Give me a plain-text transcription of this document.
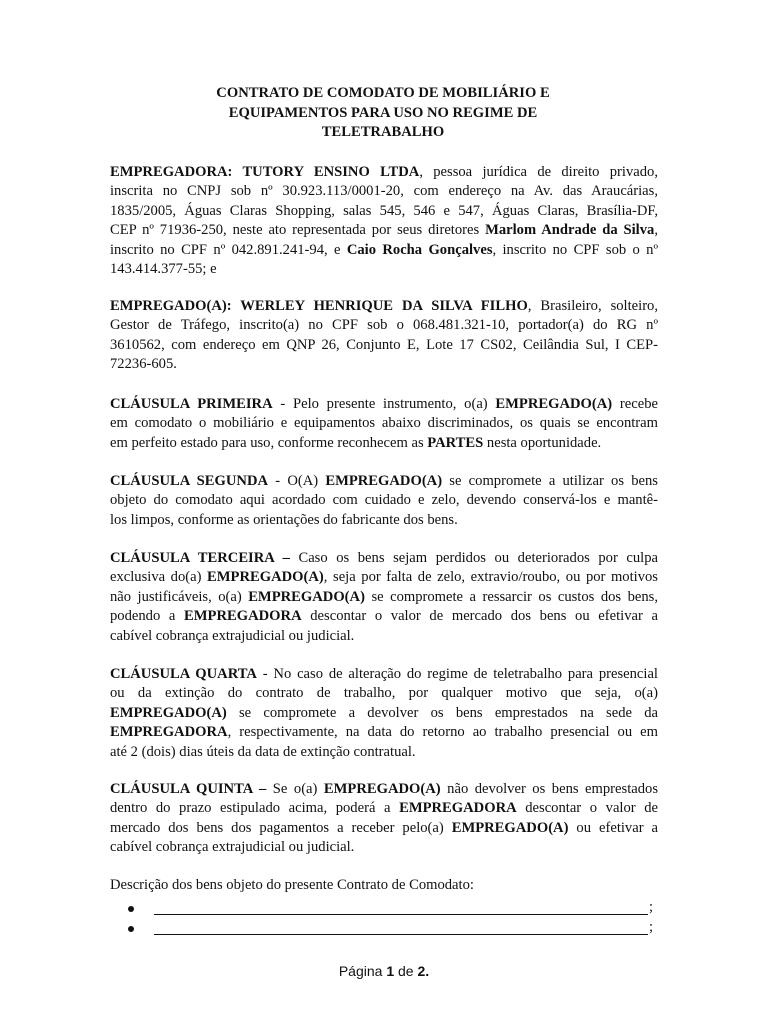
CONTRATO DE COMODATO DE MOBILIÁRIO E
EQUIPAMENTOS PARA USO NO REGIME DE
TELETRABALHO
EMPREGADORA: TUTORY ENSINO LTDA, pessoa jurídica de direito privado,
inscrita no CNPJ sob nº 30.923.113/0001-20, com endereço na Av. das Araucárias,
1835/2005, Águas Claras Shopping, salas 545, 546 e 547, Águas Claras, Brasília-DF,
CEP nº 71936-250, neste ato representada por seus diretores Marlom Andrade da Silva,
inscrito no CPF nº 042.891.241-94, e Caio Rocha Gonçalves, inscrito no CPF sob o nº
143.414.377-55; e
EMPREGADO(A): WERLEY HENRIQUE DA SILVA FILHO, Brasileiro, solteiro,
Gestor de Tráfego, inscrito(a) no CPF sob o 068.481.321-10, portador(a) do RG nº
3610562, com endereço em QNP 26, Conjunto E, Lote 17 CS02, Ceilândia Sul, I CEP-
72236-605.
CLÁUSULA PRIMEIRA - Pelo presente instrumento, o(a) EMPREGADO(A) recebe
em comodato o mobiliário e equipamentos abaixo discriminados, os quais se encontram
em perfeito estado para uso, conforme reconhecem as PARTES nesta oportunidade.
CLÁUSULA SEGUNDA - O(A) EMPREGADO(A) se compromete a utilizar os bens
objeto do comodato aqui acordado com cuidado e zelo, devendo conservá-los e mantê-
los limpos, conforme as orientações do fabricante dos bens.
CLÁUSULA TERCEIRA – Caso os bens sejam perdidos ou deteriorados por culpa
exclusiva do(a) EMPREGADO(A), seja por falta de zelo, extravio/roubo, ou por motivos
não justificáveis, o(a) EMPREGADO(A) se compromete a ressarcir os custos dos bens,
podendo a EMPREGADORA descontar o valor de mercado dos bens ou efetivar a
cabível cobrança extrajudicial ou judicial.
CLÁUSULA QUARTA - No caso de alteração do regime de teletrabalho para presencial
ou da extinção do contrato de trabalho, por qualquer motivo que seja, o(a)
EMPREGADO(A) se compromete a devolver os bens emprestados na sede da
EMPREGADORA, respectivamente, na data do retorno ao trabalho presencial ou em
até 2 (dois) dias úteis da data de extinção contratual.
CLÁUSULA QUINTA – Se o(a) EMPREGADO(A) não devolver os bens emprestados
dentro do prazo estipulado acima, poderá a EMPREGADORA descontar o valor de
mercado dos bens dos pagamentos a receber pelo(a) EMPREGADO(A) ou efetivar a
cabível cobrança extrajudicial ou judicial.
Descrição dos bens objeto do presente Contrato de Comodato:
;
;
Página 1 de 2.
